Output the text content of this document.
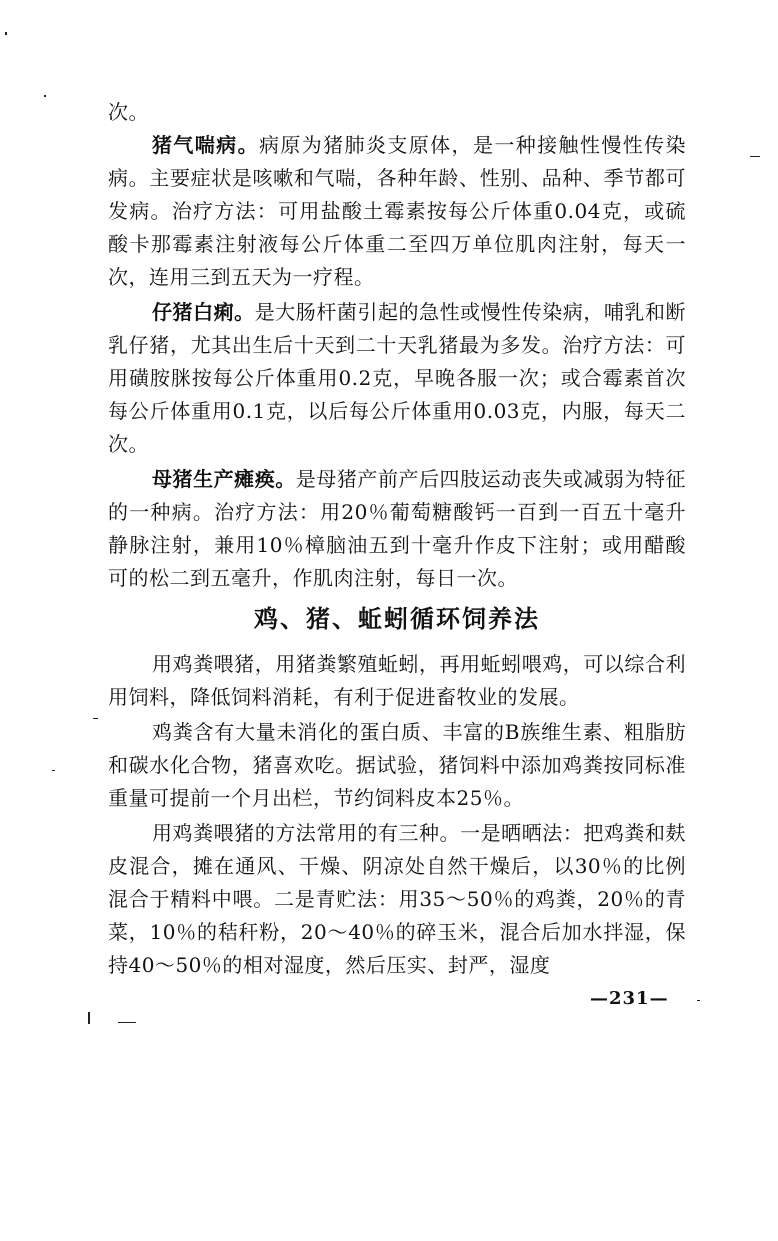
次。

猪气喘病。病原为猪肺炎支原体，是一种接触性慢性传染病。主要症状是咳嗽和气喘，各种年龄、性别、品种、季节都可发病。治疗方法：可用盐酸土霉素按每公斤体重0.04克，或硫酸卡那霉素注射液每公斤体重二至四万单位肌肉注射，每天一次，连用三到五天为一疗程。

仔猪白痢。是大肠杆菌引起的急性或慢性传染病，哺乳和断乳仔猪，尤其出生后十天到二十天乳猪最为多发。治疗方法：可用磺胺脒按每公斤体重用0.2克，早晚各服一次；或合霉素首次每公斤体重用0.1克，以后每公斤体重用0.03克，内服，每天二次。

母猪生产瘫痪。是母猪产前产后四肢运动丧失或减弱为特征的一种病。治疗方法：用20％葡萄糖酸钙一百到一百五十毫升静脉注射，兼用10％樟脑油五到十毫升作皮下注射；或用醋酸可的松二到五毫升，作肌肉注射，每日一次。

鸡、猪、蚯蚓循环饲养法

用鸡粪喂猪，用猪粪繁殖蚯蚓，再用蚯蚓喂鸡，可以综合利用饲料，降低饲料消耗，有利于促进畜牧业的发展。

鸡粪含有大量未消化的蛋白质、丰富的B族维生素、粗脂肪和碳水化合物，猪喜欢吃。据试验，猪饲料中添加鸡粪按同标准重量可提前一个月出栏，节约饲料皮本25％。

用鸡粪喂猪的方法常用的有三种。一是晒晒法：把鸡粪和麸皮混合，摊在通风、干燥、阴凉处自然干燥后，以30％的比例混合于精料中喂。二是青贮法：用35～50％的鸡粪，20％的青菜，10％的秸秆粉，20～40％的碎玉米，混合后加水拌湿，保持40～50％的相对湿度，然后压实、封严，湿度

—231—
